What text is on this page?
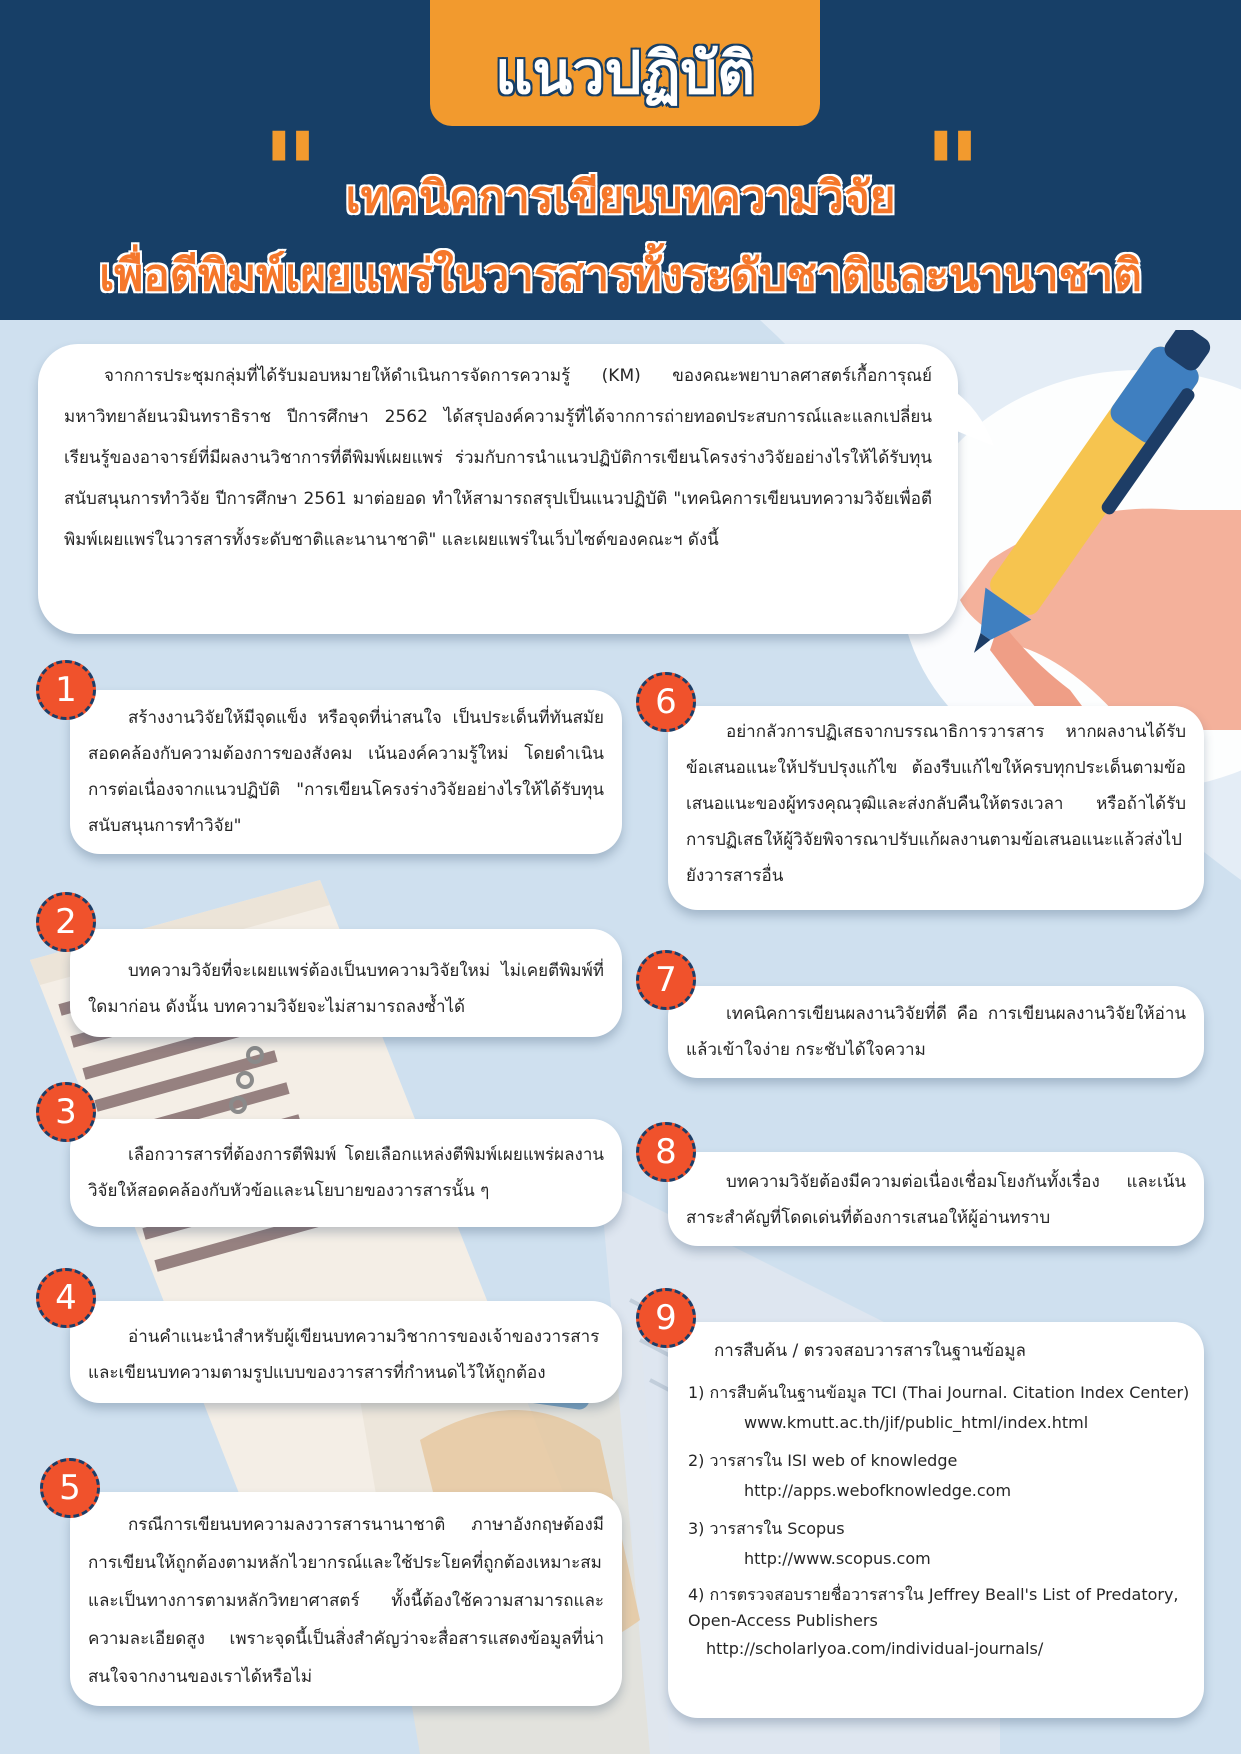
แนวปฏิบัติ
"	"
เทคนิคการเขียนบทความวิจัย
เพื่อตีพิมพ์เผยแพร่ในวารสารทั้งระดับชาติและนานาชาติ

จากการประชุมกลุ่มที่ได้รับมอบหมายให้ดำเนินการจัดการความรู้ (KM) ของคณะพยาบาลศาสตร์เกื้อการุณย์ มหาวิทยาลัยนวมินทราธิราช ปีการศึกษา 2562 ได้สรุปองค์ความรู้ที่ได้จากการถ่ายทอดประสบการณ์และแลกเปลี่ยนเรียนรู้ของอาจารย์ที่มีผลงานวิชาการที่ตีพิมพ์เผยแพร่ ร่วมกับการนำแนวปฏิบัติการเขียนโครงร่างวิจัยอย่างไรให้ได้รับทุนสนับสนุนการทำวิจัย ปีการศึกษา 2561 มาต่อยอด ทำให้สามารถสรุปเป็นแนวปฏิบัติ "เทคนิคการเขียนบทความวิจัยเพื่อตีพิมพ์เผยแพร่ในวารสารทั้งระดับชาติและนานาชาติ" และเผยแพร่ในเว็บไซต์ของคณะฯ ดังนี้

สร้างงานวิจัยให้มีจุดแข็ง หรือจุดที่น่าสนใจ เป็นประเด็นที่ทันสมัย สอดคล้องกับความต้องการของสังคม เน้นองค์ความรู้ใหม่ โดยดำเนินการต่อเนื่องจากแนวปฏิบัติ "การเขียนโครงร่างวิจัยอย่างไรให้ได้รับทุนสนับสนุนการทำวิจัย"

1

บทความวิจัยที่จะเผยแพร่ต้องเป็นบทความวิจัยใหม่ ไม่เคยตีพิมพ์ที่ใดมาก่อน ดังนั้น บทความวิจัยจะไม่สามารถลงซ้ำได้

2

เลือกวารสารที่ต้องการตีพิมพ์ โดยเลือกแหล่งตีพิมพ์เผยแพร่ผลงานวิจัยให้สอดคล้องกับหัวข้อและนโยบายของวารสารนั้น ๆ

3

อ่านคำแนะนำสำหรับผู้เขียนบทความวิชาการของเจ้าของวารสารและเขียนบทความตามรูปแบบของวารสารที่กำหนดไว้ให้ถูกต้อง

4

กรณีการเขียนบทความลงวารสารนานาชาติ ภาษาอังกฤษต้องมีการเขียนให้ถูกต้องตามหลักไวยากรณ์และใช้ประโยคที่ถูกต้องเหมาะสมและเป็นทางการตามหลักวิทยาศาสตร์ ทั้งนี้ต้องใช้ความสามารถและความละเอียดสูง เพราะจุดนี้เป็นสิ่งสำคัญว่าจะสื่อสารแสดงข้อมูลที่น่าสนใจจากงานของเราได้หรือไม่

5

อย่ากลัวการปฏิเสธจากบรรณาธิการวารสาร หากผลงานได้รับข้อเสนอแนะให้ปรับปรุงแก้ไข ต้องรีบแก้ไขให้ครบทุกประเด็นตามข้อเสนอแนะของผู้ทรงคุณวุฒิและส่งกลับคืนให้ตรงเวลา หรือถ้าได้รับการปฏิเสธให้ผู้วิจัยพิจารณาปรับแก้ผลงานตามข้อเสนอแนะแล้วส่งไปยังวารสารอื่น

6

เทคนิคการเขียนผลงานวิจัยที่ดี คือ การเขียนผลงานวิจัยให้อ่านแล้วเข้าใจง่าย กระชับได้ใจความ

7

บทความวิจัยต้องมีความต่อเนื่องเชื่อมโยงกันทั้งเรื่อง และเน้นสาระสำคัญที่โดดเด่นที่ต้องการเสนอให้ผู้อ่านทราบ

8
การสืบค้น / ตรวจสอบวารสารในฐานข้อมูล
1) การสืบค้นในฐานข้อมูล TCI (Thai Journal. Citation Index Center)
www.kmutt.ac.th/jif/public_html/index.html
2) วารสารใน ISI web of knowledge
http://apps.webofknowledge.com
3) วารสารใน Scopus
http://www.scopus.com
4) การตรวจสอบรายชื่อวารสารใน Jeffrey Beall's List of Predatory, Open-Access Publishers
http://scholarlyoa.com/individual-journals/
9
